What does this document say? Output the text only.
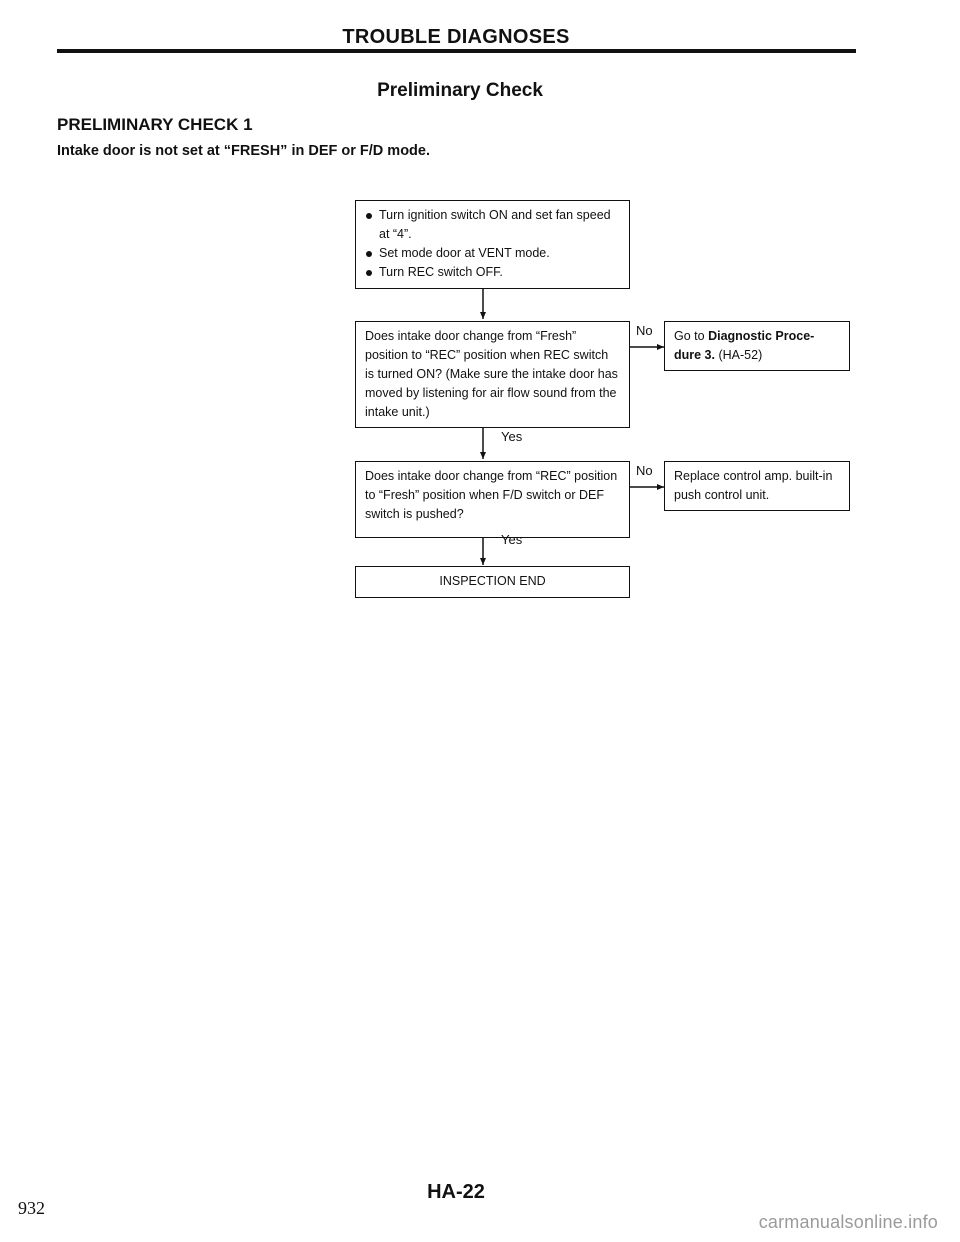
TROUBLE DIAGNOSES
Preliminary Check
PRELIMINARY CHECK 1
Intake door is not set at “FRESH” in DEF or F/D mode.
Turn ignition switch ON and set fan speed at “4”.
Set mode door at VENT mode.
Turn REC switch OFF.
Does intake door change from “Fresh” position to “REC” position when REC switch is turned ON? (Make sure the intake door has moved by listening for air flow sound from the intake unit.)
No
Yes
Go to Diagnostic Proce-dure 3. (HA-52)
Does intake door change from “REC” position to “Fresh” position when F/D switch or DEF switch is pushed?
No
Yes
Replace control amp. built-in push control unit.
INSPECTION END
HA-22
932
carmanualsonline.info
